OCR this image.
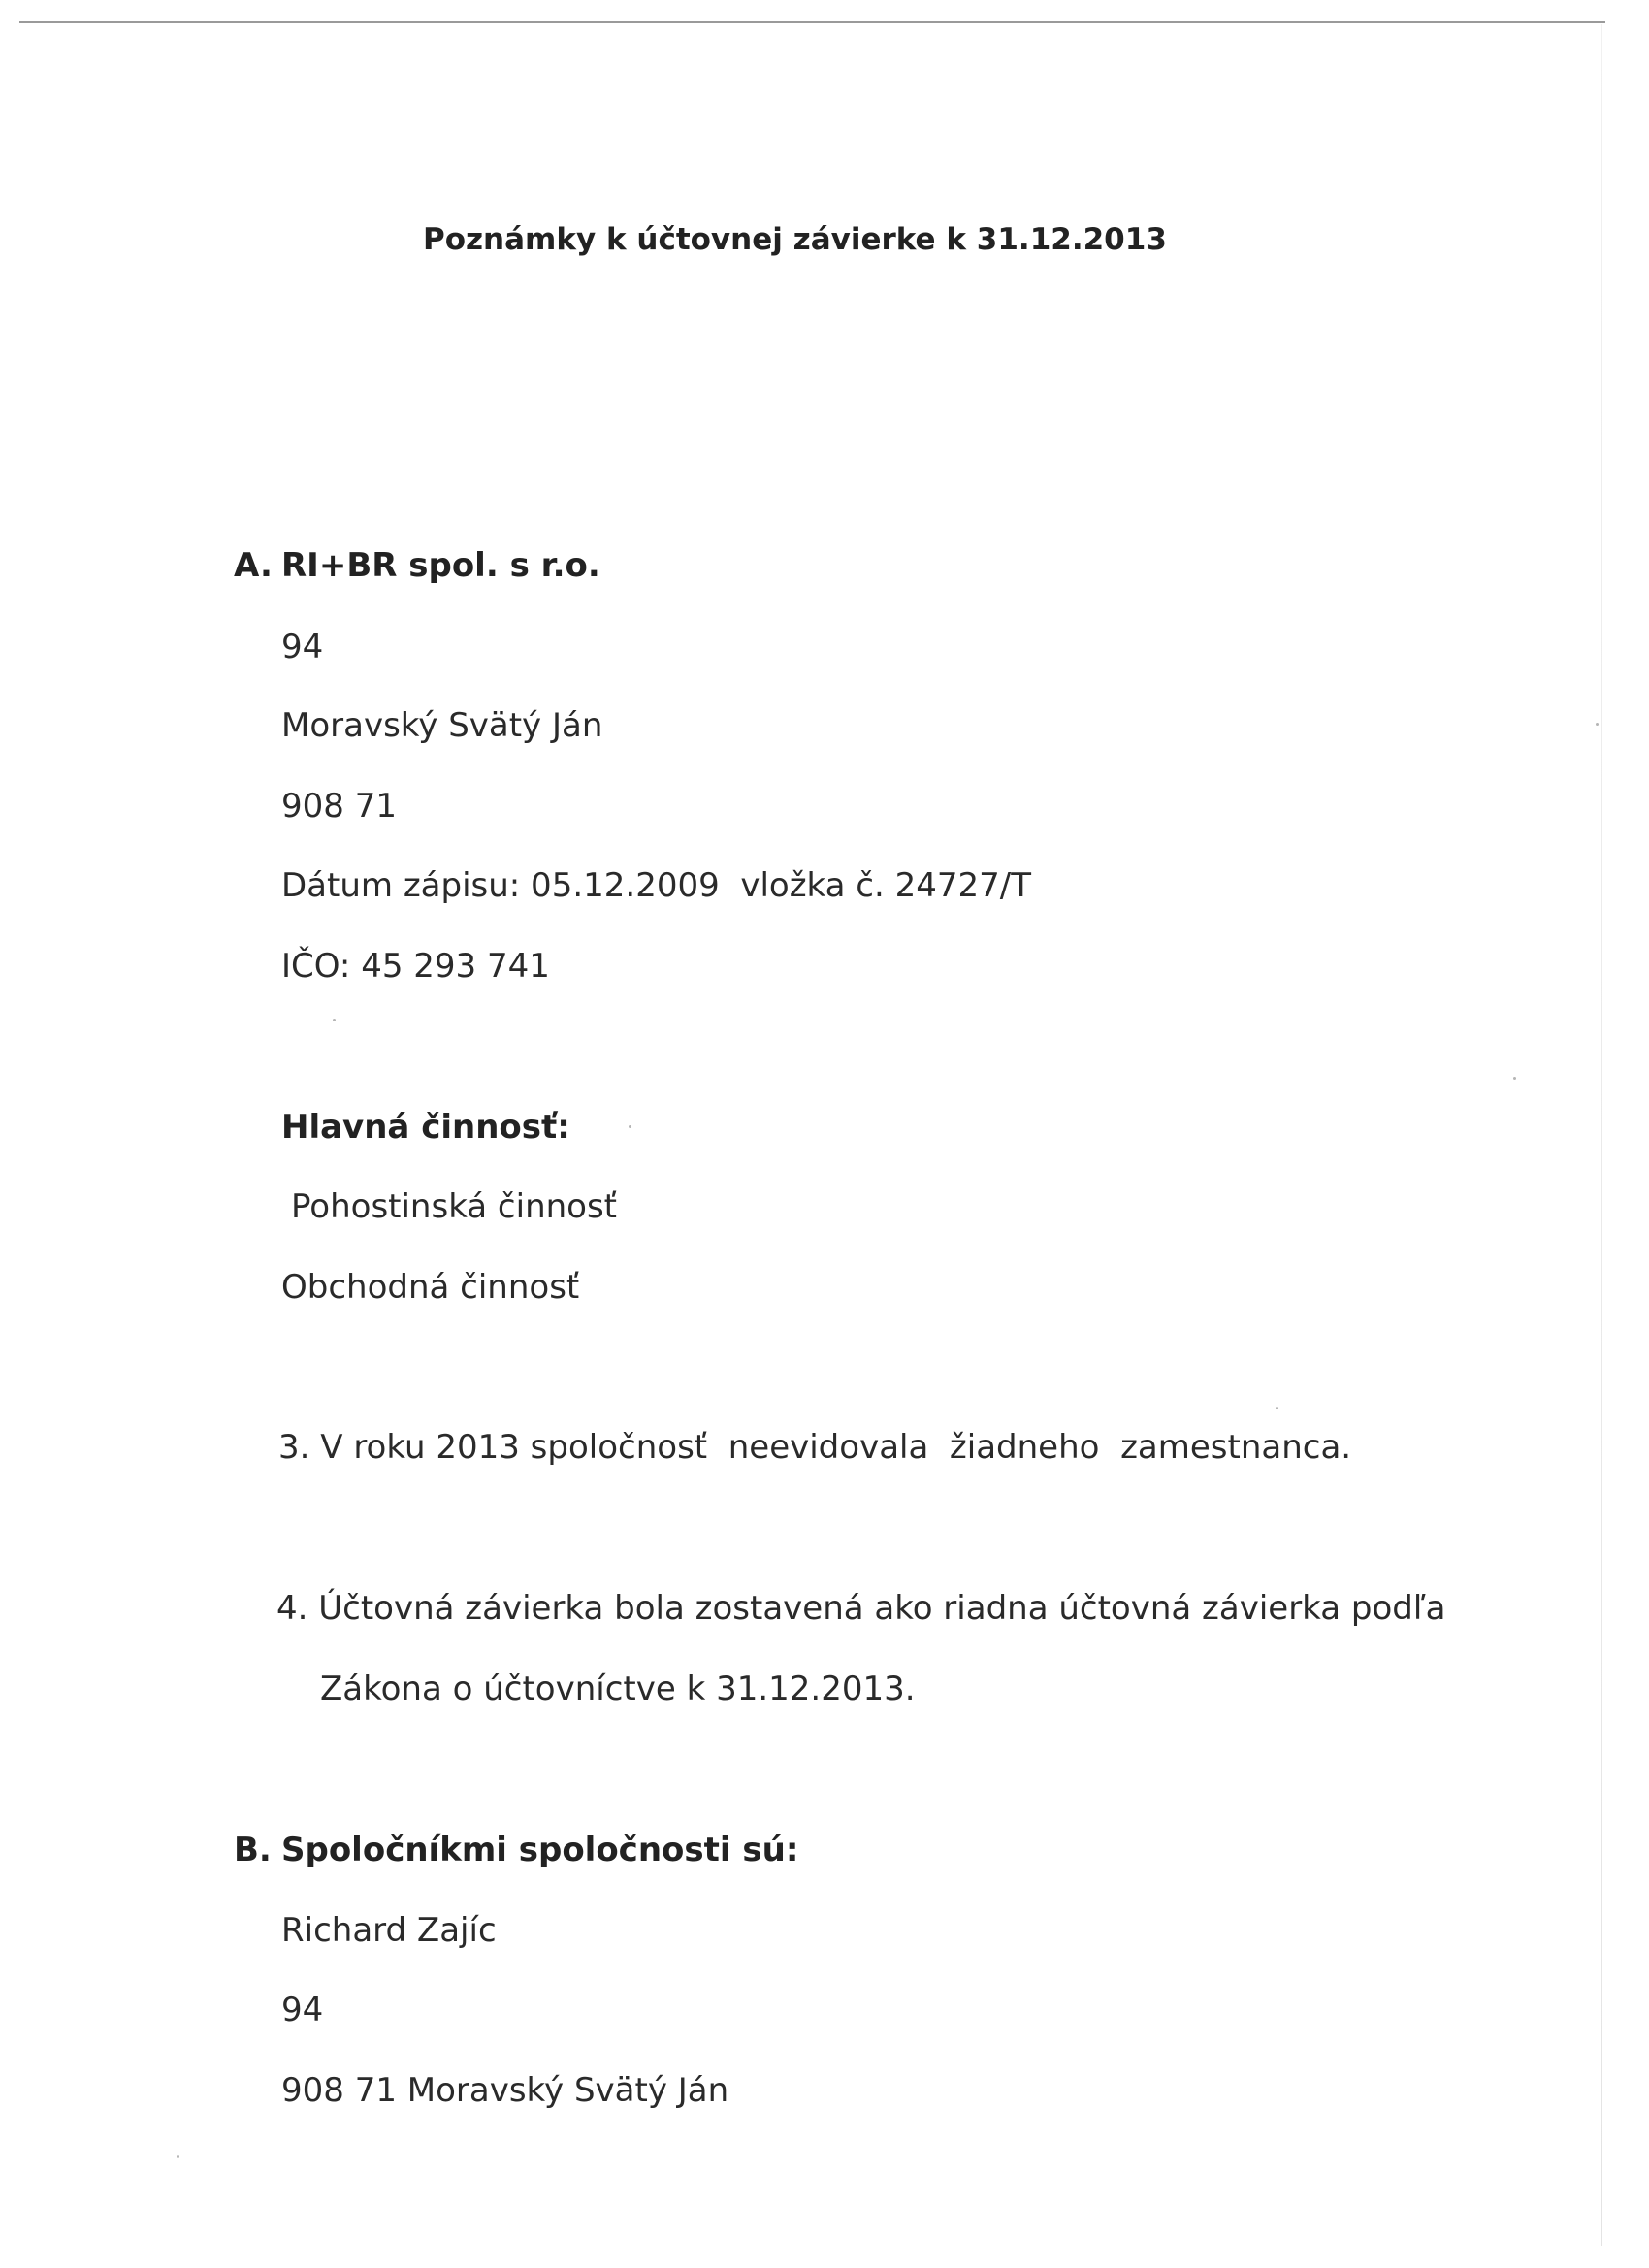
Poznámky k účtovnej závierke k 31.12.2013
A. RI+BR spol. s r.o.
94
Moravský Svätý Ján
908 71
Dátum zápisu: 05.12.2009  vložka č. 24727/T
IČO: 45 293 741
Hlavná činnosť:
Pohostinská činnosť
Obchodná činnosť
3. V roku 2013 spoločnosť  neevidovala  žiadneho  zamestnanca.
4. Účtovná závierka bola zostavená ako riadna účtovná závierka podľa
Zákona o účtovníctve k 31.12.2013.
B. Spoločníkmi spoločnosti sú:
Richard Zajíc
94
908 71 Moravský Svätý Ján
